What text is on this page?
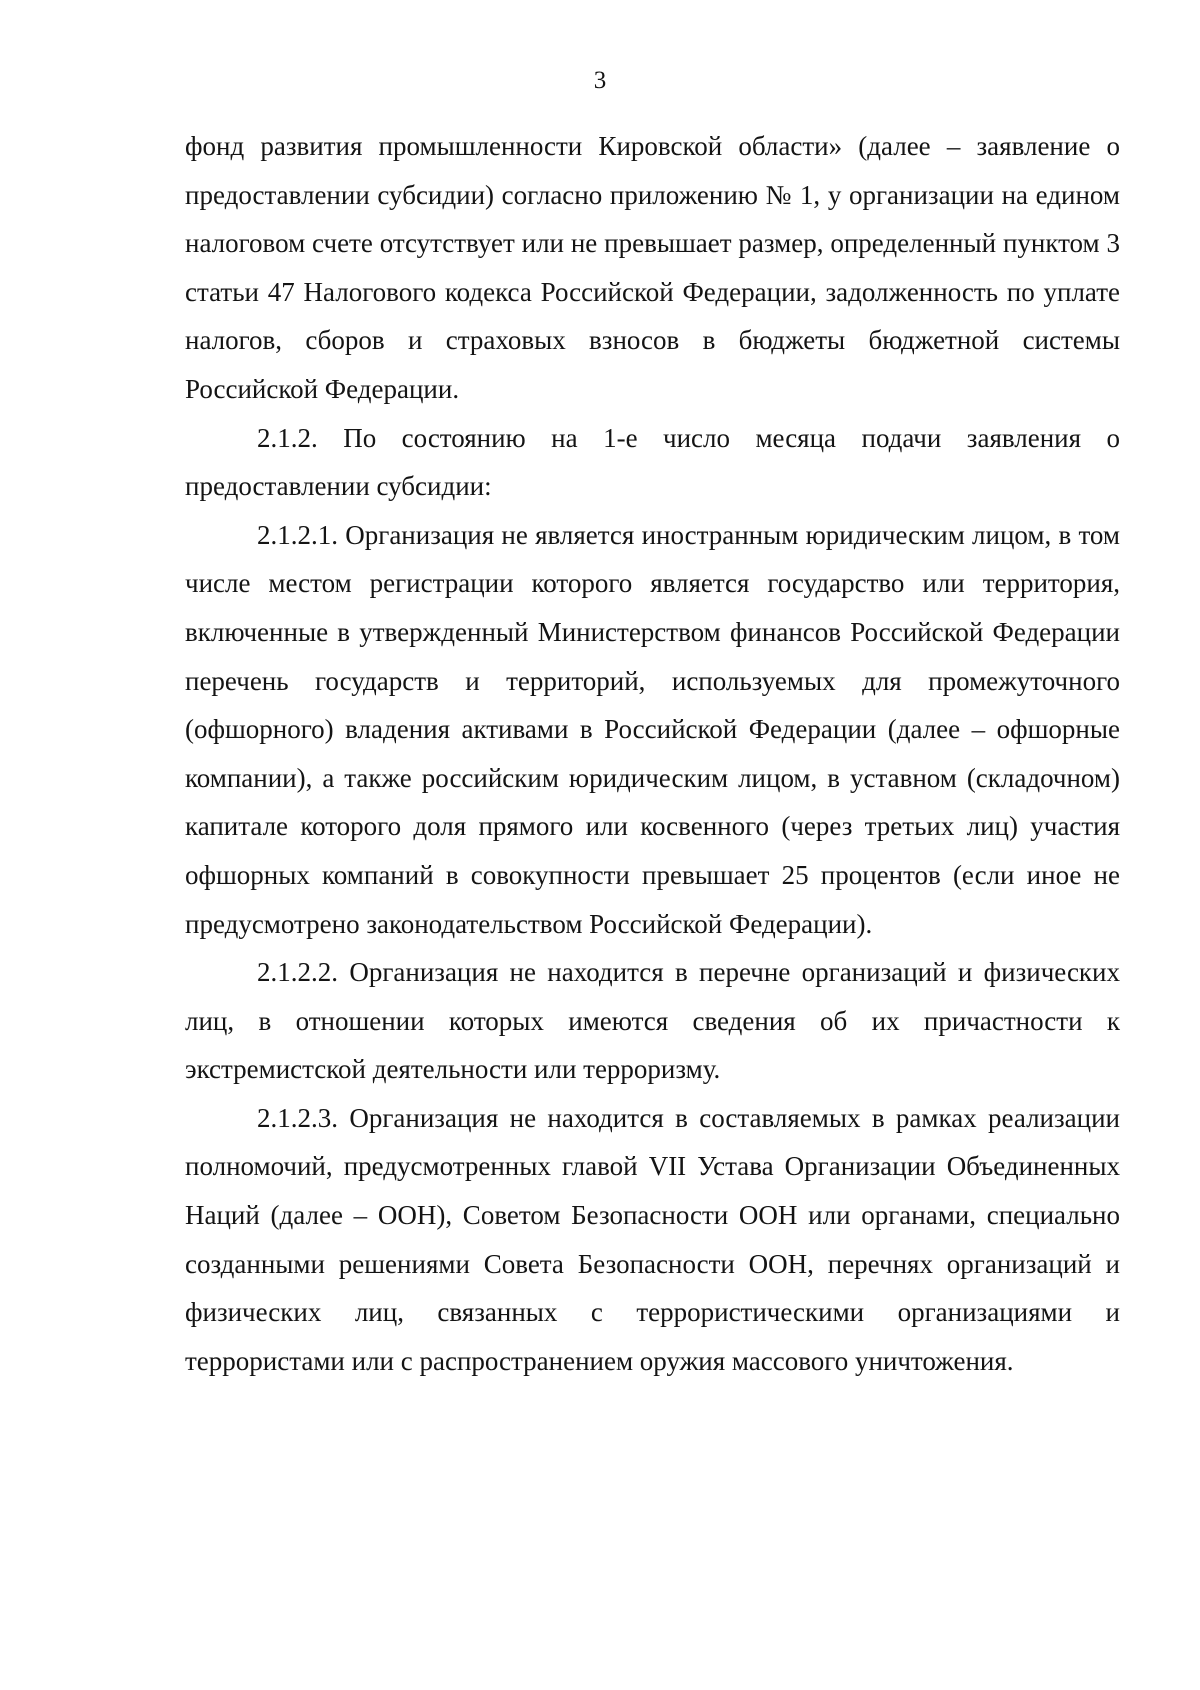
3

фонд развития промышленности Кировской области» (далее – заявление о предоставлении субсидии) согласно приложению № 1, у организации на едином налоговом счете отсутствует или не превышает размер, определенный пунктом 3 статьи 47 Налогового кодекса Российской Федерации, задолженность по уплате налогов, сборов и страховых взносов в бюджеты бюджетной системы Российской Федерации.

2.1.2. По состоянию на 1-е число месяца подачи заявления о предоставлении субсидии:

2.1.2.1. Организация не является иностранным юридическим лицом, в том числе местом регистрации которого является государство или территория, включенные в утвержденный Министерством финансов Российской Федерации перечень государств и территорий, используемых для промежуточного (офшорного) владения активами в Российской Федерации (далее – офшорные компании), а также российским юридическим лицом, в уставном (складочном) капитале которого доля прямого или косвенного (через третьих лиц) участия офшорных компаний в совокупности превышает 25 процентов (если иное не предусмотрено законодательством Российской Федерации).

2.1.2.2. Организация не находится в перечне организаций и физических лиц, в отношении которых имеются сведения об их причастности к экстремистской деятельности или терроризму.

2.1.2.3. Организация не находится в составляемых в рамках реализации полномочий, предусмотренных главой VII Устава Организации Объединенных Наций (далее – ООН), Советом Безопасности ООН или органами, специально созданными решениями Совета Безопасности ООН, перечнях организаций и физических лиц, связанных с террористическими организациями и террористами или с распространением оружия массового уничтожения.
